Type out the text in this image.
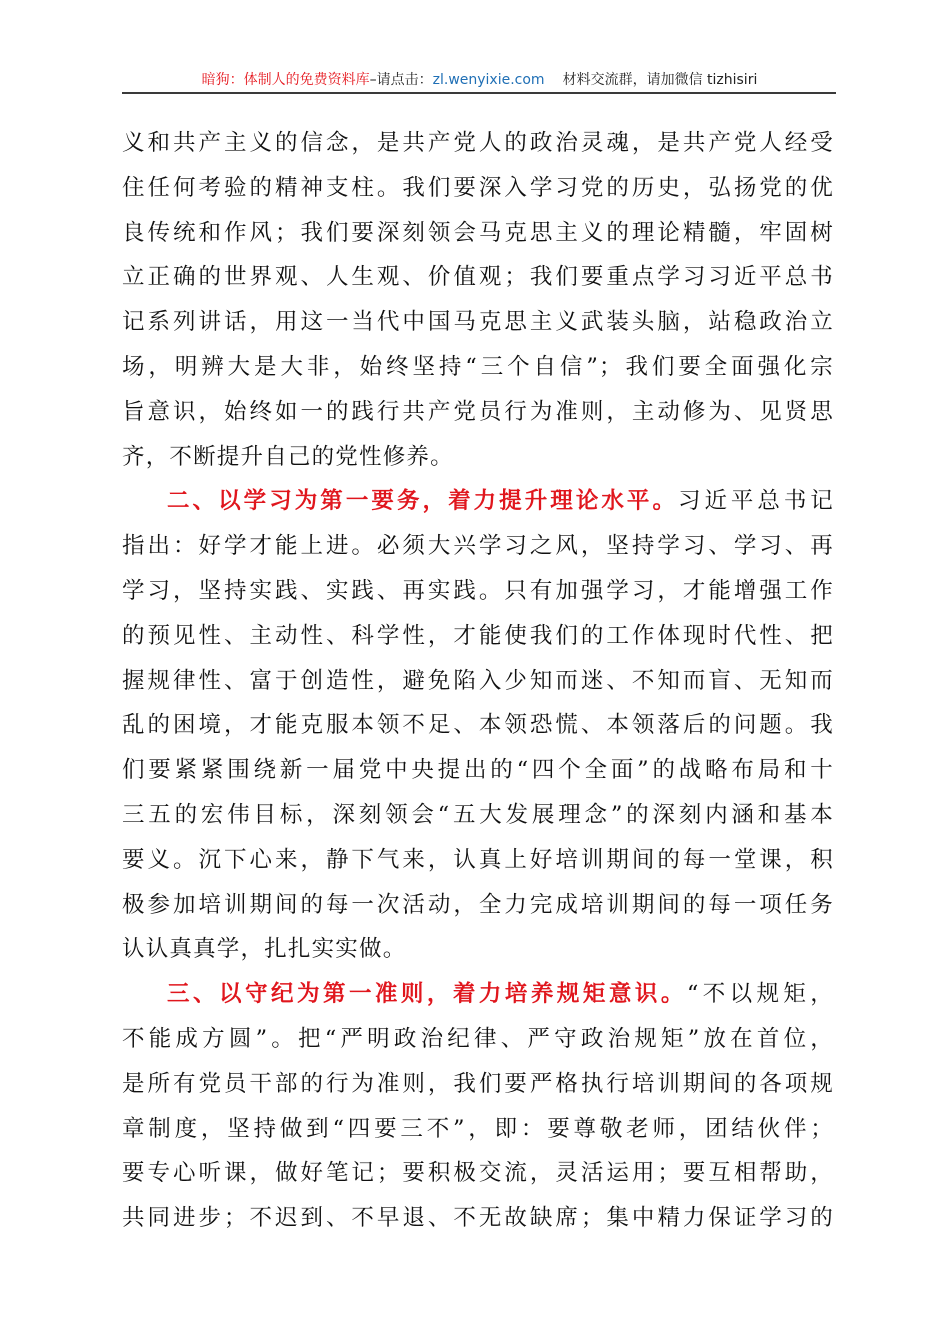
暗狗：体制人的免费资料库–请点击：zl.wenyixie.com 材料交流群，请加微信 tizhisiri
义和共产主义的信念，是共产党人的政治灵魂，是共产党人经受
住任何考验的精神支柱。我们要深入学习党的历史，弘扬党的优
良传统和作风；我们要深刻领会马克思主义的理论精髓，牢固树
立正确的世界观、人生观、价值观；我们要重点学习习近平总书
记系列讲话，用这一当代中国马克思主义武装头脑，站稳政治立
场，明辨大是大非，始终坚持“三个自信”；我们要全面强化宗
旨意识，始终如一的践行共产党员行为准则，主动修为、见贤思
齐，不断提升自己的党性修养。
二、以学习为第一要务，着力提升理论水平。习近平总书记
指出：好学才能上进。必须大兴学习之风，坚持学习、学习、再
学习，坚持实践、实践、再实践。只有加强学习，才能增强工作
的预见性、主动性、科学性，才能使我们的工作体现时代性、把
握规律性、富于创造性，避免陷入少知而迷、不知而盲、无知而
乱的困境，才能克服本领不足、本领恐慌、本领落后的问题。我
们要紧紧围绕新一届党中央提出的“四个全面”的战略布局和十
三五的宏伟目标，深刻领会“五大发展理念”的深刻内涵和基本
要义。沉下心来，静下气来，认真上好培训期间的每一堂课，积
极参加培训期间的每一次活动，全力完成培训期间的每一项任务
认认真真学，扎扎实实做。
三、以守纪为第一准则，着力培养规矩意识。“不以规矩，
不能成方圆”。把“严明政治纪律、严守政治规矩”放在首位，
是所有党员干部的行为准则，我们要严格执行培训期间的各项规
章制度，坚持做到“四要三不”，即：要尊敬老师，团结伙伴；
要专心听课，做好笔记；要积极交流，灵活运用；要互相帮助，
共同进步；不迟到、不早退、不无故缺席；集中精力保证学习的
